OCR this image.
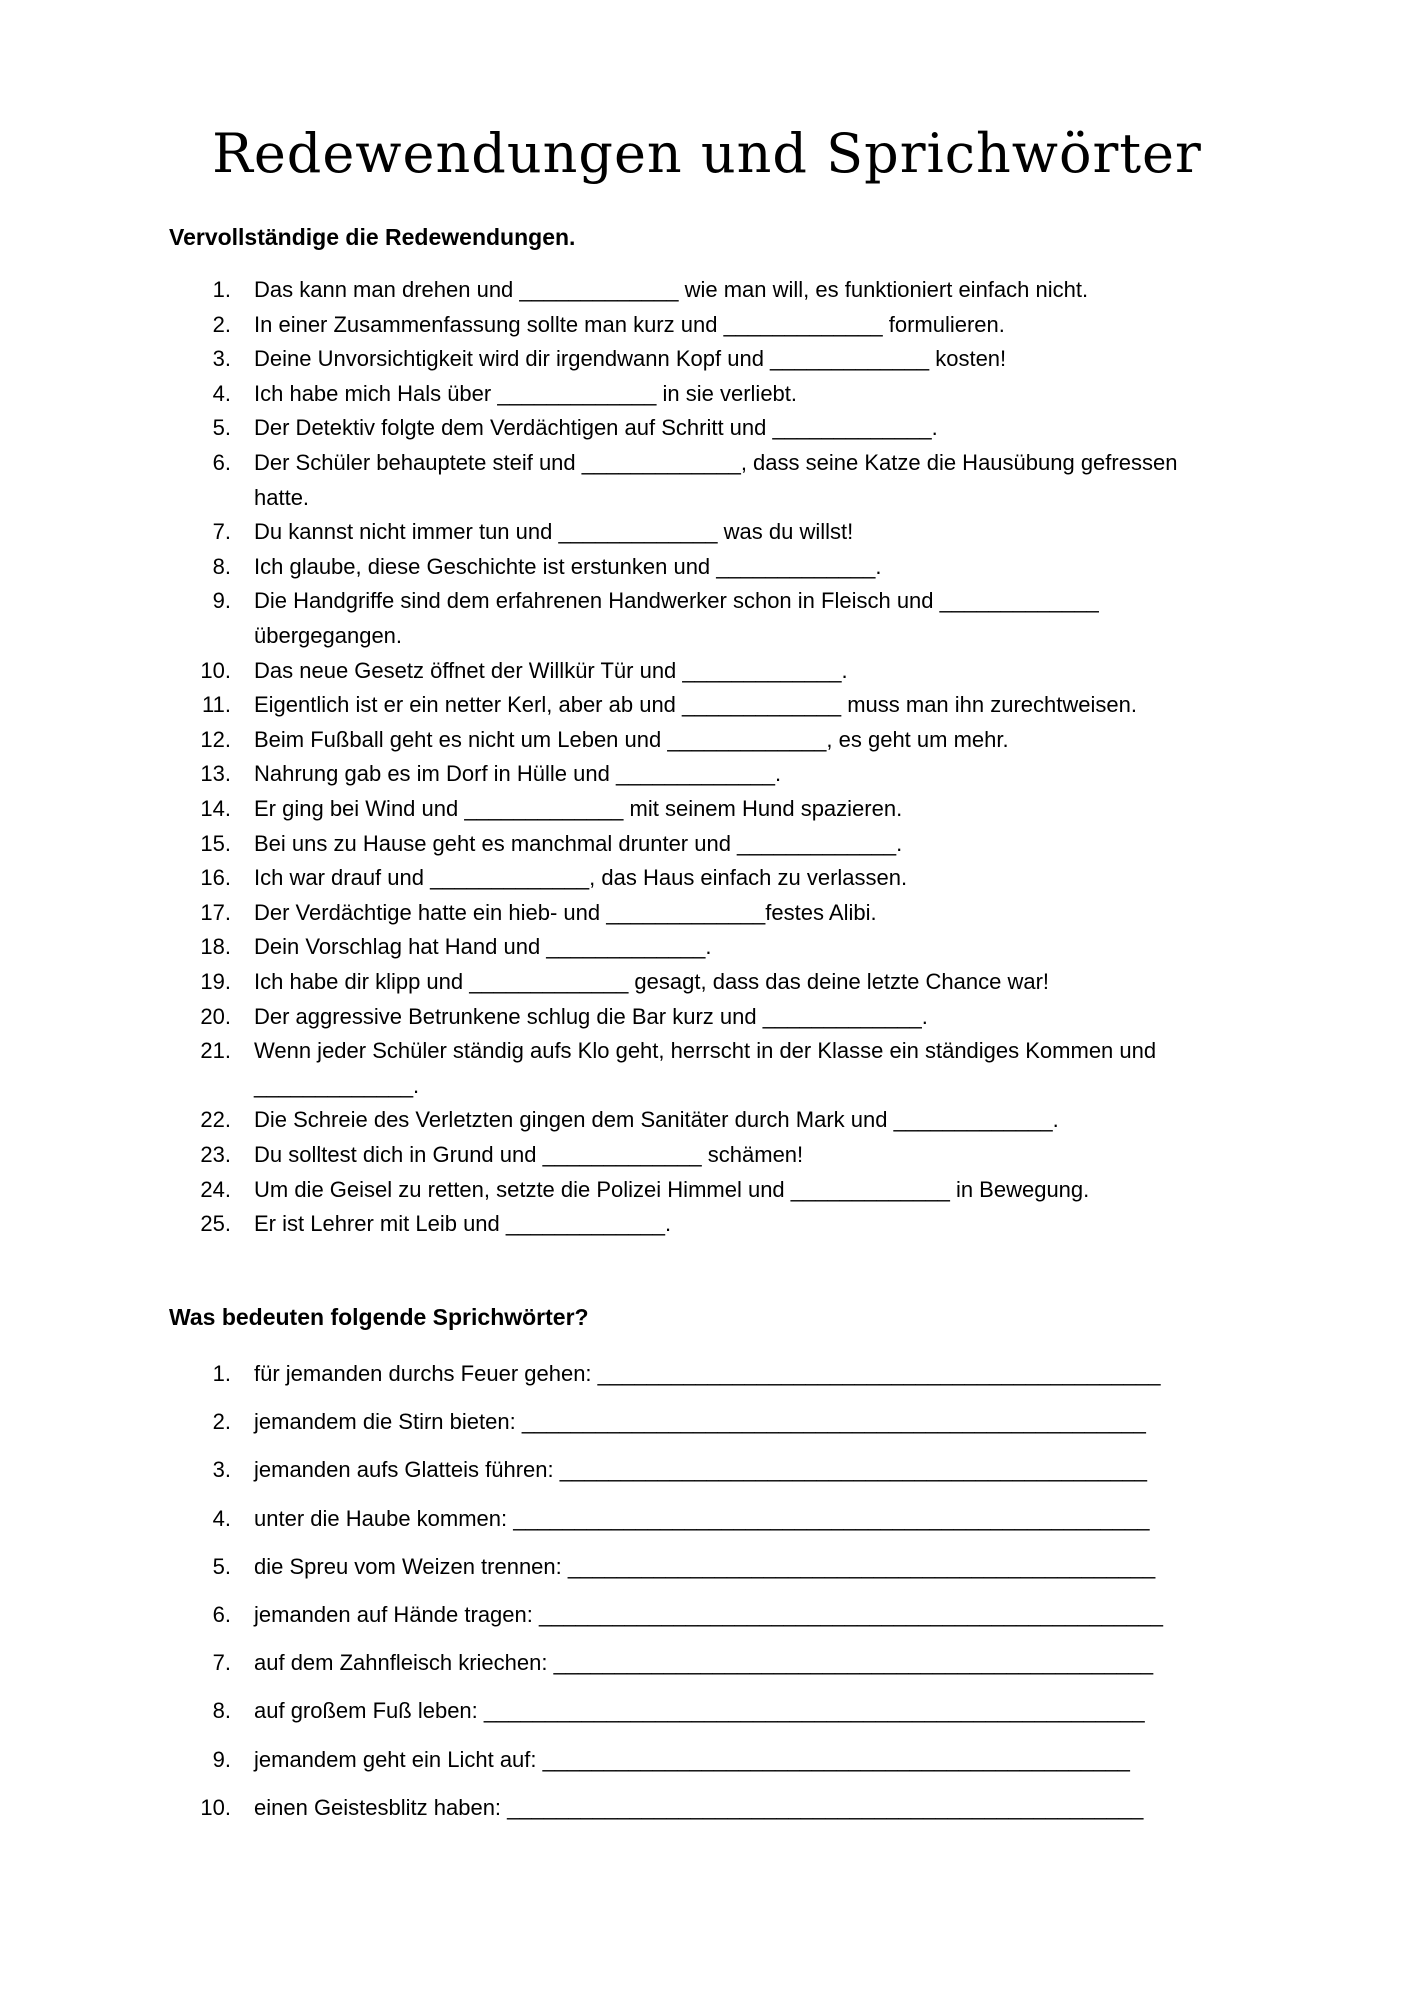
Redewendungen und Sprichwörter
Vervollständige die Redewendungen.
1. Das kann man drehen und _____________ wie man will, es funktioniert einfach nicht.
2. In einer Zusammenfassung sollte man kurz und _____________ formulieren.
3. Deine Unvorsichtigkeit wird dir irgendwann Kopf und _____________ kosten!
4. Ich habe mich Hals über _____________ in sie verliebt.
5. Der Detektiv folgte dem Verdächtigen auf Schritt und _____________.
6. Der Schüler behauptete steif und _____________, dass seine Katze die Hausübung gefressen
hatte.
7. Du kannst nicht immer tun und _____________ was du willst!
8. Ich glaube, diese Geschichte ist erstunken und _____________.
9. Die Handgriffe sind dem erfahrenen Handwerker schon in Fleisch und _____________
übergegangen.
10. Das neue Gesetz öffnet der Willkür Tür und _____________.
11. Eigentlich ist er ein netter Kerl, aber ab und _____________ muss man ihn zurechtweisen.
12. Beim Fußball geht es nicht um Leben und _____________, es geht um mehr.
13. Nahrung gab es im Dorf in Hülle und _____________.
14. Er ging bei Wind und _____________ mit seinem Hund spazieren.
15. Bei uns zu Hause geht es manchmal drunter und _____________.
16. Ich war drauf und _____________, das Haus einfach zu verlassen.
17. Der Verdächtige hatte ein hieb- und _____________festes Alibi.
18. Dein Vorschlag hat Hand und _____________.
19. Ich habe dir klipp und _____________ gesagt, dass das deine letzte Chance war!
20. Der aggressive Betrunkene schlug die Bar kurz und _____________.
21. Wenn jeder Schüler ständig aufs Klo geht, herrscht in der Klasse ein ständiges Kommen und
_____________.
22. Die Schreie des Verletzten gingen dem Sanitäter durch Mark und _____________.
23. Du solltest dich in Grund und _____________ schämen!
24. Um die Geisel zu retten, setzte die Polizei Himmel und _____________ in Bewegung.
25. Er ist Lehrer mit Leib und _____________.
Was bedeuten folgende Sprichwörter?
1. für jemanden durchs Feuer gehen: ______________________________________________
2. jemandem die Stirn bieten: ___________________________________________________
3. jemanden aufs Glatteis führen: ________________________________________________
4. unter die Haube kommen: ____________________________________________________
5. die Spreu vom Weizen trennen: ________________________________________________
6. jemanden auf Hände tragen: ___________________________________________________
7. auf dem Zahnfleisch kriechen: _________________________________________________
8. auf großem Fuß leben: ______________________________________________________
9. jemandem geht ein Licht auf: ________________________________________________
10. einen Geistesblitz haben: ____________________________________________________
